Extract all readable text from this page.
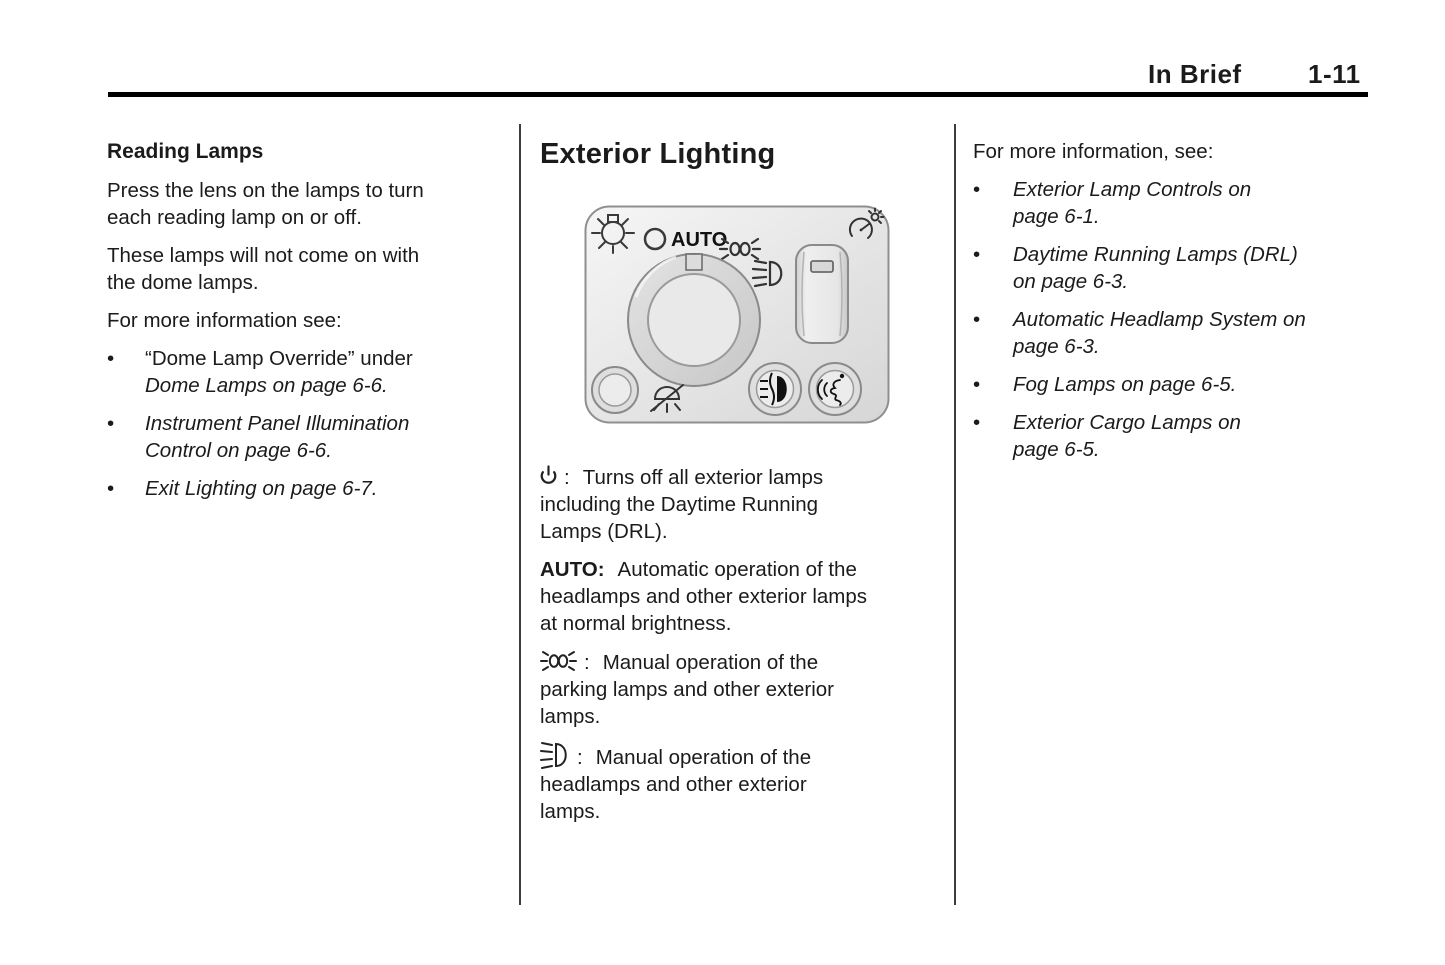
In Brief	1-11
Reading Lamps
Press the lens on the lamps to turn
each reading lamp on or off.
These lamps will not come on with
the dome lamps.
For more information see:
•	“Dome Lamp Override” under
Dome Lamps on page 6-6.
•	Instrument Panel Illumination
Control on page 6-6.
•	Exit Lighting on page 6-7.
Exterior Lighting
AUTO
: Turns off all exterior lamps
including the Daytime Running
Lamps (DRL).
AUTO: Automatic operation of the
headlamps and other exterior lamps
at normal brightness.
: Manual operation of the
parking lamps and other exterior
lamps.
: Manual operation of the
headlamps and other exterior
lamps.
For more information, see:
•	Exterior Lamp Controls on
page 6-1.
•	Daytime Running Lamps (DRL)
on page 6-3.
•	Automatic Headlamp System on
page 6-3.
•	Fog Lamps on page 6-5.
•	Exterior Cargo Lamps on
page 6-5.
